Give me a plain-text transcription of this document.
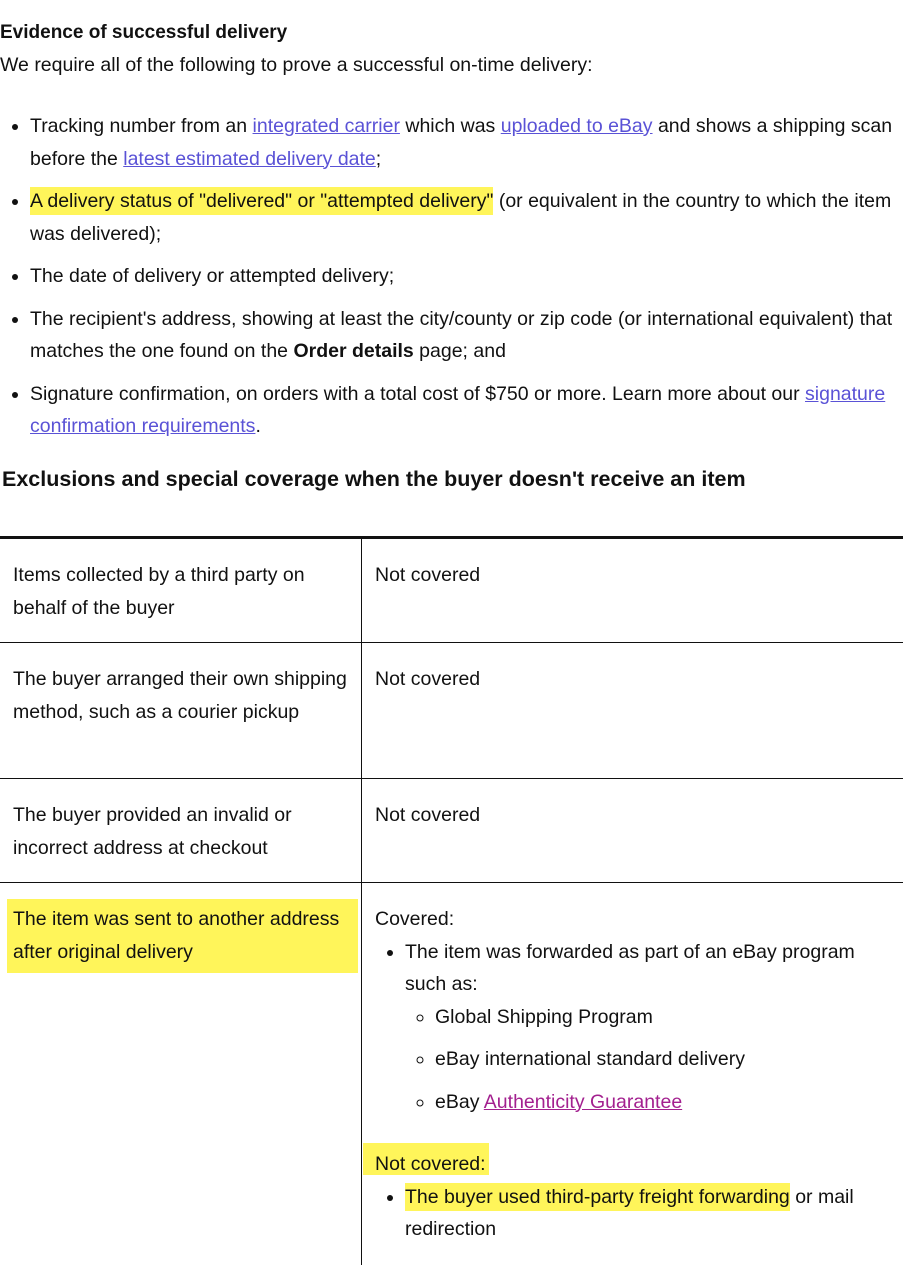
Evidence of successful delivery

We require all of the following to prove a successful on-time delivery:

• Tracking number from an integrated carrier which was uploaded to eBay and shows a shipping scan before the latest estimated delivery date;
• A delivery status of "delivered" or "attempted delivery" (or equivalent in the country to which the item was delivered);
• The date of delivery or attempted delivery;
• The recipient's address, showing at least the city/county or zip code (or international equivalent) that matches the one found on the Order details page; and
• Signature confirmation, on orders with a total cost of $750 or more. Learn more about our signature confirmation requirements.
Exclusions and special coverage when the buyer doesn't receive an item
Items collected by a third party on behalf of the buyer
Not covered
The buyer arranged their own shipping method, such as a courier pickup
Not covered
The buyer provided an invalid or incorrect address at checkout
Not covered
The item was sent to another address after original delivery
Covered:
• The item was forwarded as part of an eBay program such as:
◦ Global Shipping Program
◦ eBay international standard delivery
◦ eBay Authenticity Guarantee
Not covered:
• The buyer used third-party freight forwarding or mail redirection
